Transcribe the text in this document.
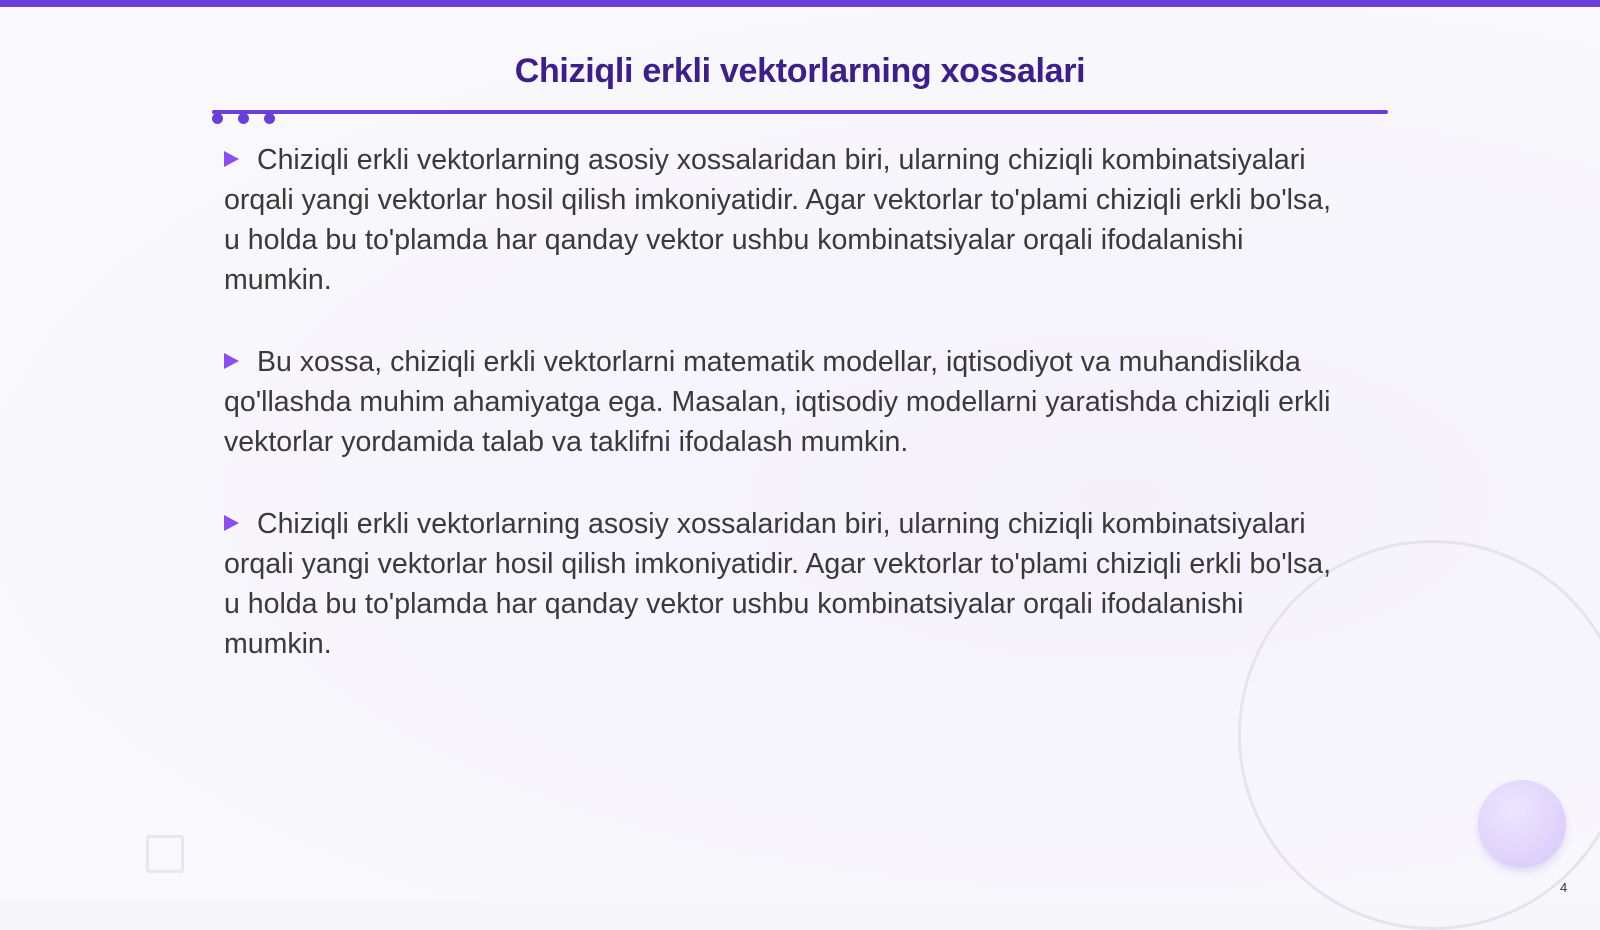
Chiziqli erkli vektorlarning xossalari
Chiziqli erkli vektorlarning asosiy xossalaridan biri, ularning chiziqli kombinatsiyalari orqali yangi vektorlar hosil qilish imkoniyatidir. Agar vektorlar to'plami chiziqli erkli bo'lsa, u holda bu to'plamda har qanday vektor ushbu kombinatsiyalar orqali ifodalanishi mumkin.
Bu xossa, chiziqli erkli vektorlarni matematik modellar, iqtisodiyot va muhandislikda qo'llashda muhim ahamiyatga ega. Masalan, iqtisodiy modellarni yaratishda chiziqli erkli vektorlar yordamida talab va taklifni ifodalash mumkin.
Chiziqli erkli vektorlarning asosiy xossalaridan biri, ularning chiziqli kombinatsiyalari orqali yangi vektorlar hosil qilish imkoniyatidir. Agar vektorlar to'plami chiziqli erkli bo'lsa, u holda bu to'plamda har qanday vektor ushbu kombinatsiyalar orqali ifodalanishi mumkin.
4
